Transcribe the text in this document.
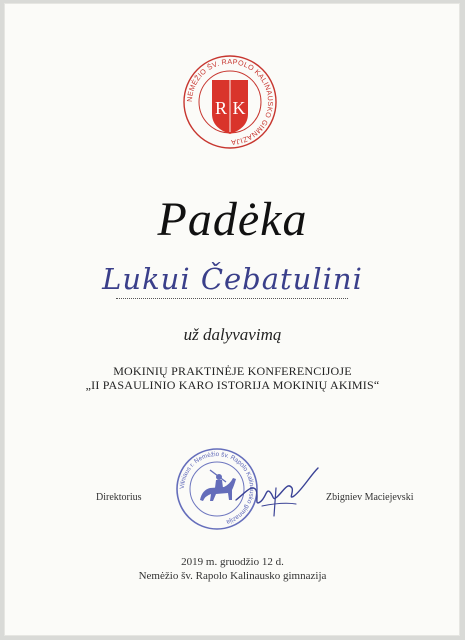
NEMĖŽIO ŠV. RAPOLO KALINAUSKO GIMNAZIJA
R K
Padėka
Lukui Čebatulini
už dalyvavimą
MOKINIŲ PRAKTINĖJE KONFERENCIJOJE
„II PASAULINIO KARO ISTORIJA MOKINIŲ AKIMIS“
Vilniaus r. Nemėžio šv. Rapolo Kalinausko gimnazija
Direktorius	Zbigniev Maciejevski
2019 m. gruodžio 12 d.
Nemėžio šv. Rapolo Kalinausko gimnazija
